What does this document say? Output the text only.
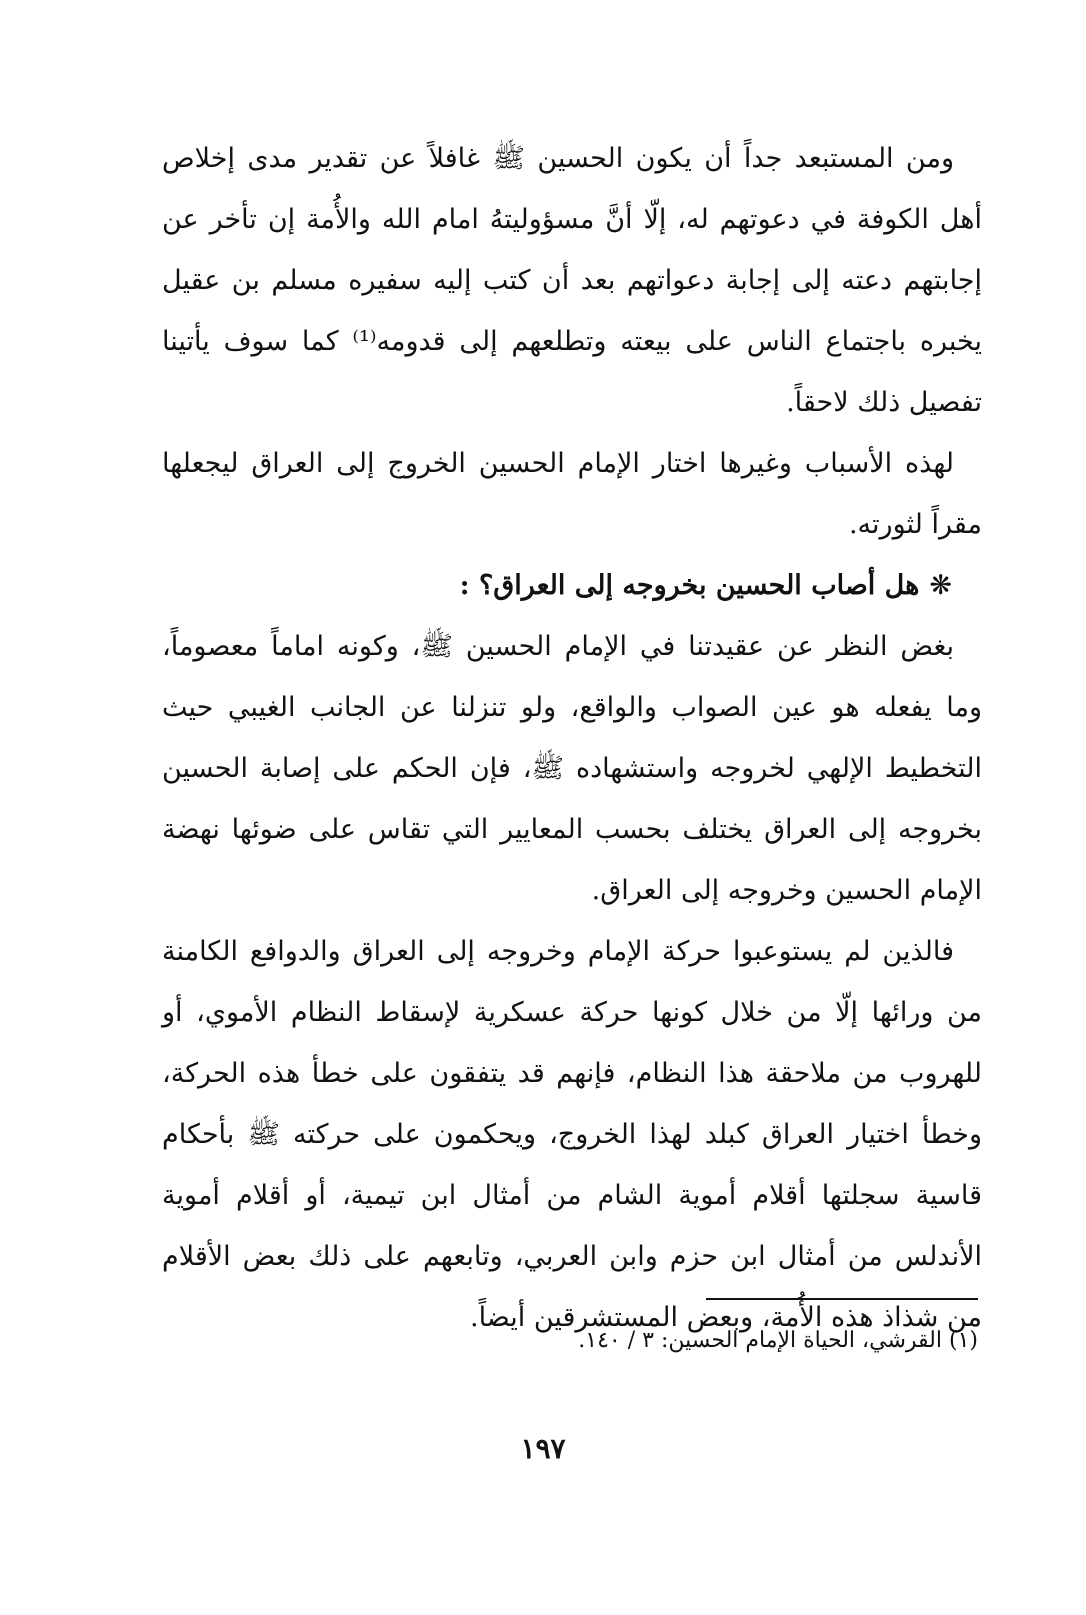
ومن المستبعد جداً أن يكون الحسين ﷺ غافلاً عن تقدير مدى إخلاص أهل الكوفة في دعوتهم له، إلّا أنَّ مسؤوليتهُ امام الله والأُمة إن تأخر عن إجابتهم دعته إلى إجابة دعواتهم بعد أن كتب إليه سفيره مسلم بن عقيل يخبره باجتماع الناس على بيعته وتطلعهم إلى قدومه⁽¹⁾ كما سوف يأتينا تفصيل ذلك لاحقاً.

لهذه الأسباب وغيرها اختار الإمام الحسين الخروج إلى العراق ليجعلها مقراً لثورته.

❋هل أصاب الحسين بخروجه إلى العراق؟ :

بغض النظر عن عقيدتنا في الإمام الحسين ﷺ، وكونه اماماً معصوماً، وما يفعله هو عين الصواب والواقع، ولو تنزلنا عن الجانب الغيبي حيث التخطيط الإلهي لخروجه واستشهاده ﷺ، فإن الحكم على إصابة الحسين بخروجه إلى العراق يختلف بحسب المعايير التي تقاس على ضوئها نهضة الإمام الحسين وخروجه إلى العراق.

فالذين لم يستوعبوا حركة الإمام وخروجه إلى العراق والدوافع الكامنة من ورائها إلّا من خلال كونها حركة عسكرية لإسقاط النظام الأموي، أو للهروب من ملاحقة هذا النظام، فإنهم قد يتفقون على خطأ هذه الحركة، وخطأ اختيار العراق كبلد لهذا الخروج، ويحكمون على حركته ﷺ بأحكام قاسية سجلتها أقلام أموية الشام من أمثال ابن تيمية، أو أقلام أموية الأندلس من أمثال ابن حزم وابن العربي، وتابعهم على ذلك بعض الأقلام من شذاذ هذه الأُمة، وبعض المستشرقين أيضاً.

(١) القرشي، الحياة الإمام الحسين: ٣ / ١٤٠.
١٩٧
